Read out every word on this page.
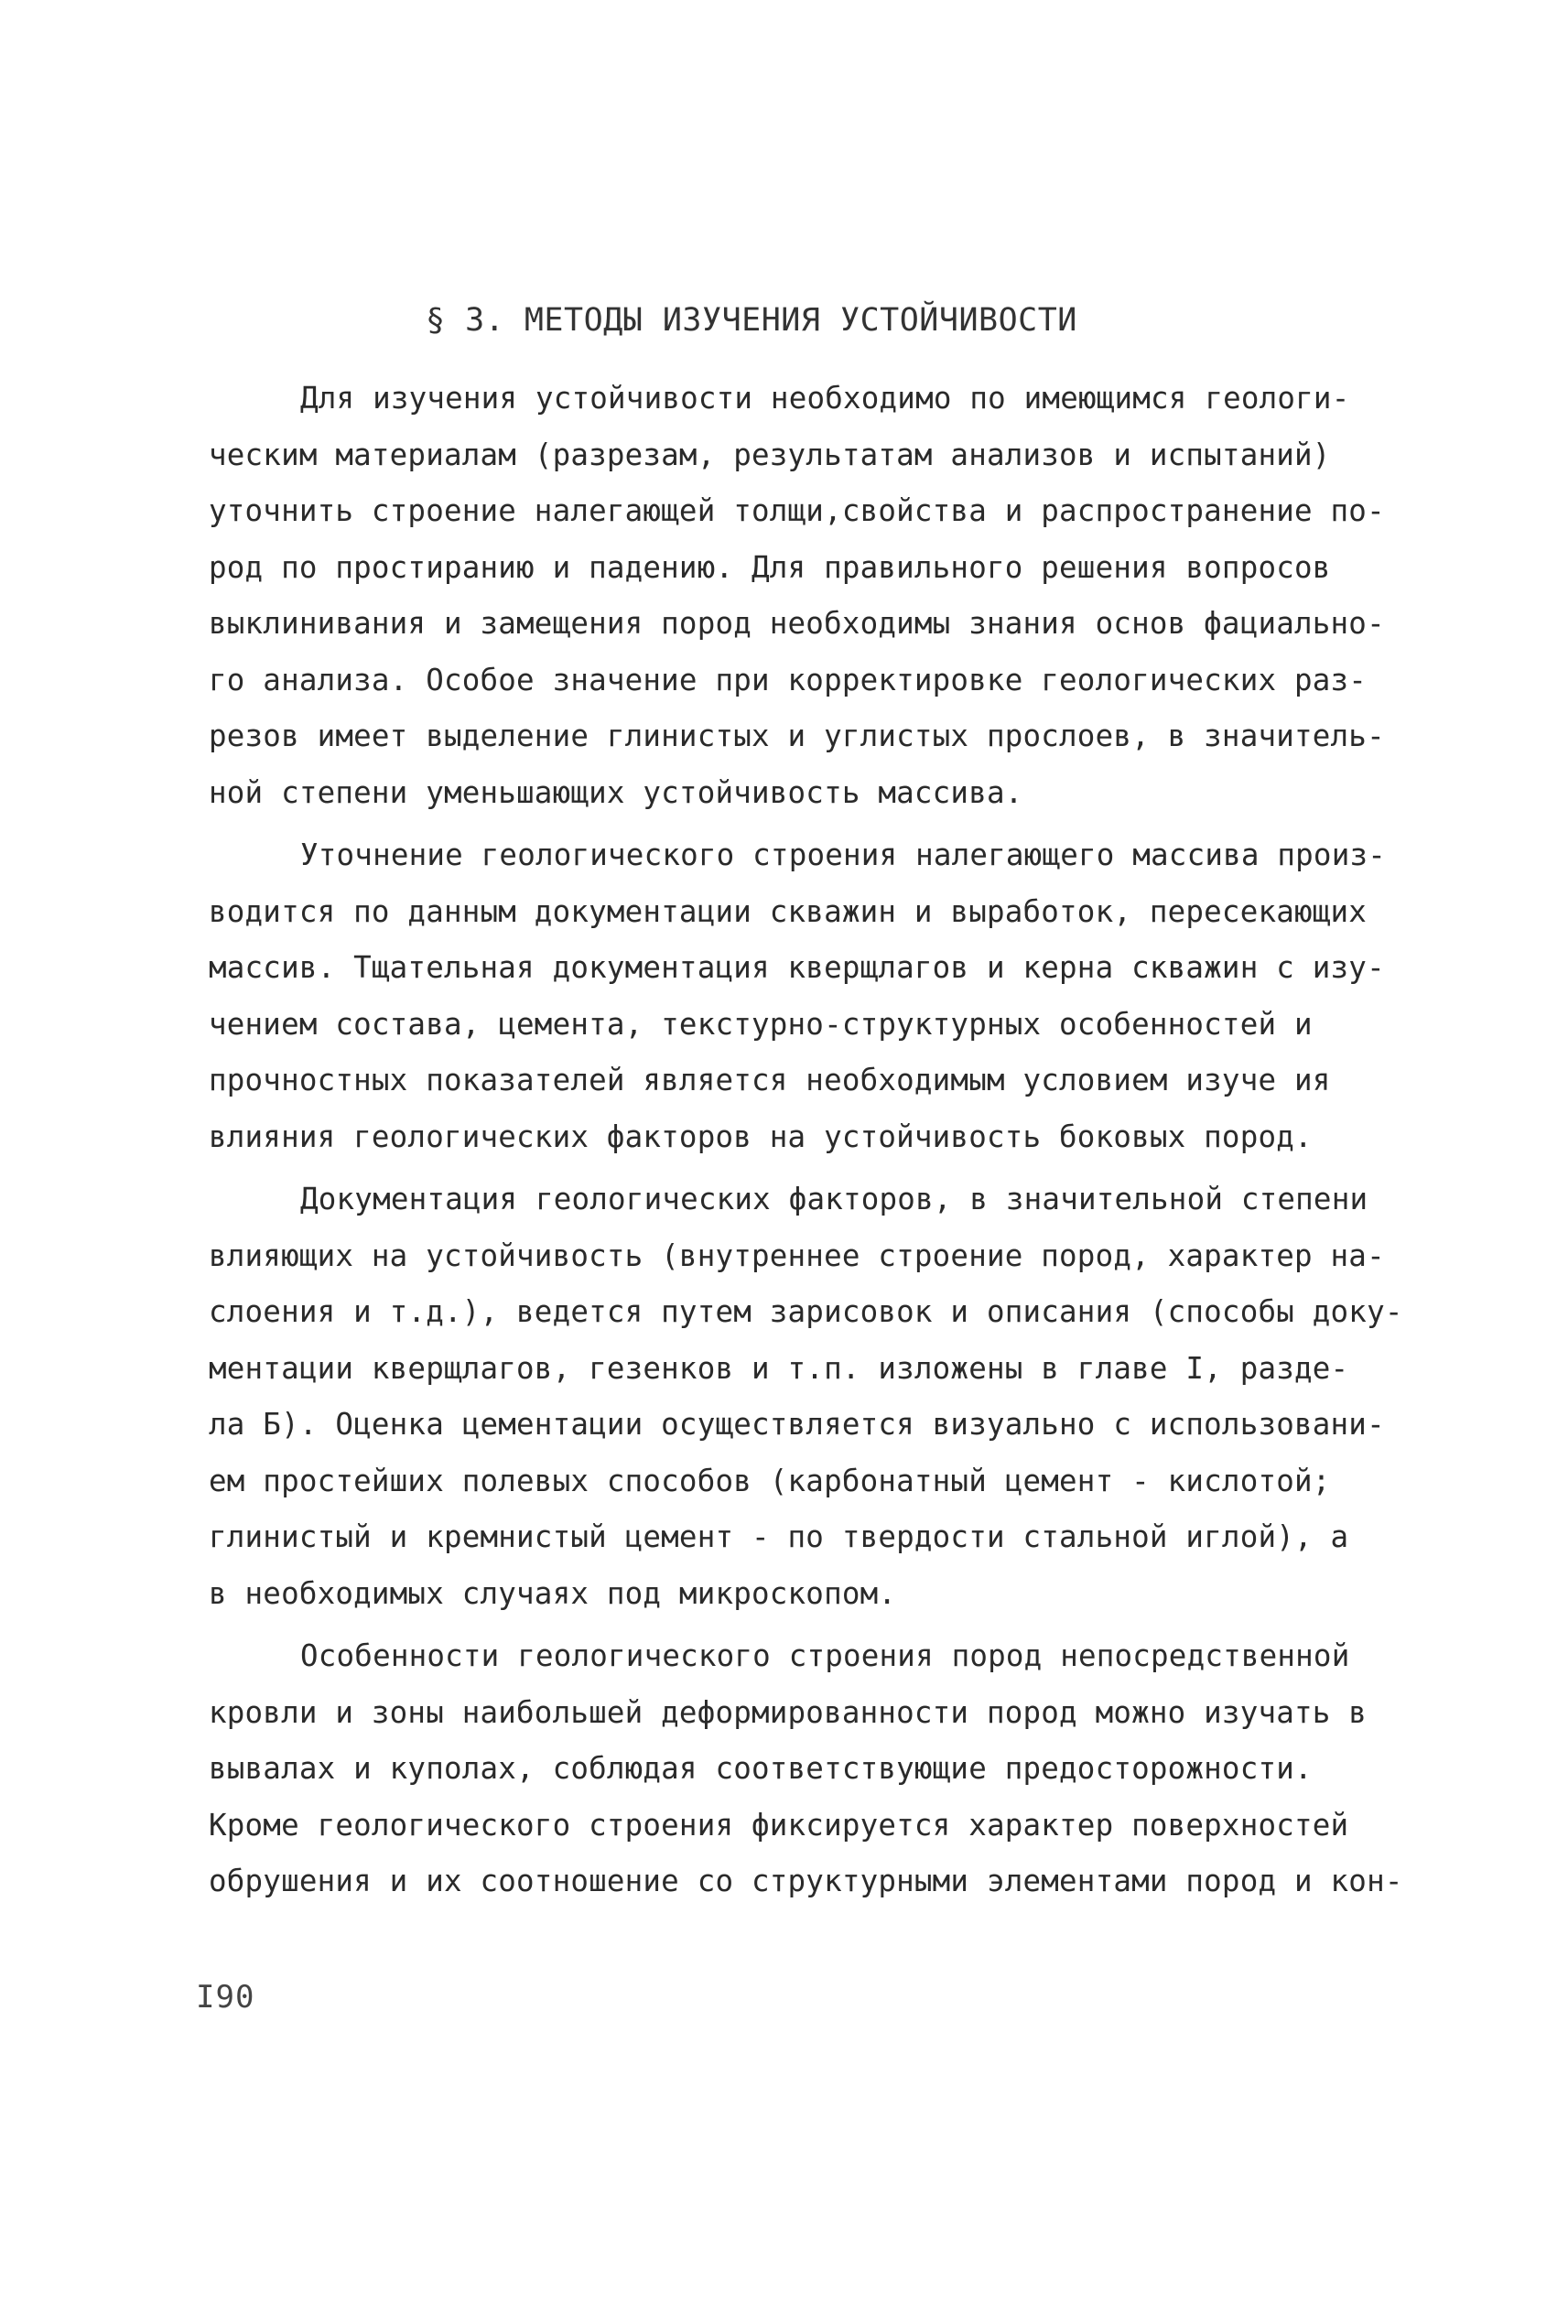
§ 3. МЕТОДЫ ИЗУЧЕНИЯ УСТОЙЧИВОСТИ
Для изучения устойчивости необходимо по имеющимся геологи-
ческим материалам (разрезам, результатам анализов и испытаний)
уточнить строение налегающей толщи,свойства и распространение по-
род по простиранию и падению. Для правильного решения вопросов
выклинивания и замещения пород необходимы знания основ фациально-
го анализа. Особое значение при корректировке геологических раз-
резов имеет выделение глинистых и углистых прослоев, в значитель-
ной степени уменьшающих устойчивость массива.
Уточнение геологического строения налегающего массива произ-
водится по данным документации скважин и выработок, пересекающих
массив. Тщательная документация кверщлагов и керна скважин с изу-
чением состава, цемента, текстурно-структурных особенностей и
прочностных показателей является необходимым условием изуче ия
влияния геологических факторов на устойчивость боковых пород.
Документация геологических факторов, в значительной степени
влияющих на устойчивость (внутреннее строение пород, характер на-
слоения и т.д.), ведется путем зарисовок и описания (способы доку-
ментации кверщлагов, гезенков и т.п. изложены в главе I, разде-
ла Б). Оценка цементации осуществляется визуально с использовани-
ем простейших полевых способов (карбонатный цемент - кислотой;
глинистый и кремнистый цемент - по твердости стальной иглой), а
в необходимых случаях под микроскопом.
Особенности геологического строения пород непосредственной
кровли и зоны наибольшей деформированности пород можно изучать в
вывалах и куполах, соблюдая соответствующие предосторожности.
Кроме геологического строения фиксируется характер поверхностей
обрушения и их соотношение со структурными элементами пород и кон-
I90
